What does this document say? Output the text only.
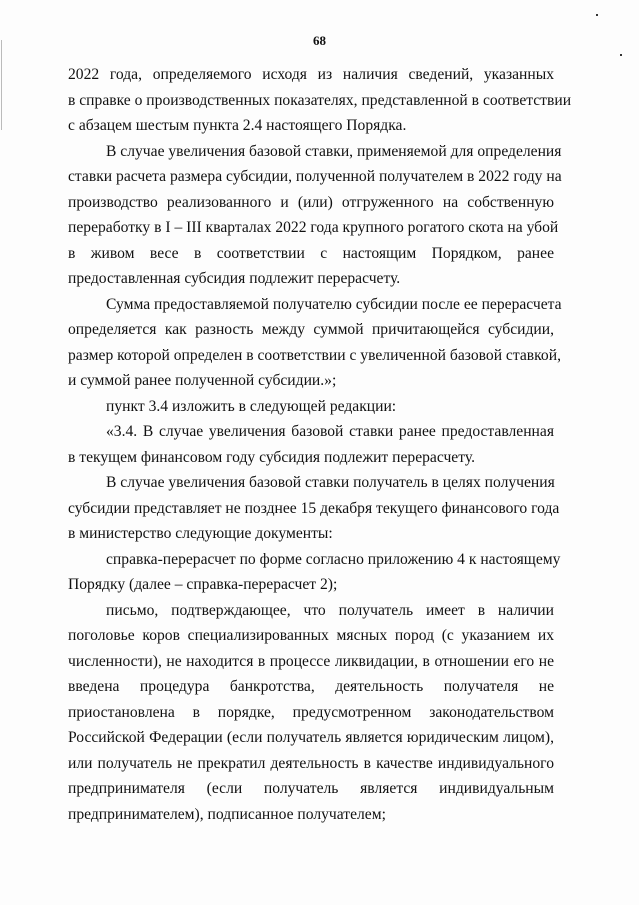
68
2022 года, определяемого исходя из наличия сведений, указанных
в справке о производственных показателях, представленной в соответствии
с абзацем шестым пункта 2.4 настоящего Порядка.
В случае увеличения базовой ставки, применяемой для определения
ставки расчета размера субсидии, полученной получателем в 2022 году на
производство реализованного и (или) отгруженного на собственную
переработку в I – III кварталах 2022 года крупного рогатого скота на убой
в живом весе в соответствии с настоящим Порядком, ранее
предоставленная субсидия подлежит перерасчету.
Сумма предоставляемой получателю субсидии после ее перерасчета
определяется как разность между суммой причитающейся субсидии,
размер которой определен в соответствии с увеличенной базовой ставкой,
и суммой ранее полученной субсидии.»;
пункт 3.4 изложить в следующей редакции:
«3.4. В случае увеличения базовой ставки ранее предоставленная
в текущем финансовом году субсидия подлежит перерасчету.
В случае увеличения базовой ставки получатель в целях получения
субсидии представляет не позднее 15 декабря текущего финансового года
в министерство следующие документы:
справка-перерасчет по форме согласно приложению 4 к настоящему
Порядку (далее – справка-перерасчет 2);
письмо, подтверждающее, что получатель имеет в наличии
поголовье коров специализированных мясных пород (с указанием их
численности), не находится в процессе ликвидации, в отношении его не
введена процедура банкротства, деятельность получателя не
приостановлена в порядке, предусмотренном законодательством
Российской Федерации (если получатель является юридическим лицом),
или получатель не прекратил деятельность в качестве индивидуального
предпринимателя (если получатель является индивидуальным
предпринимателем), подписанное получателем;
